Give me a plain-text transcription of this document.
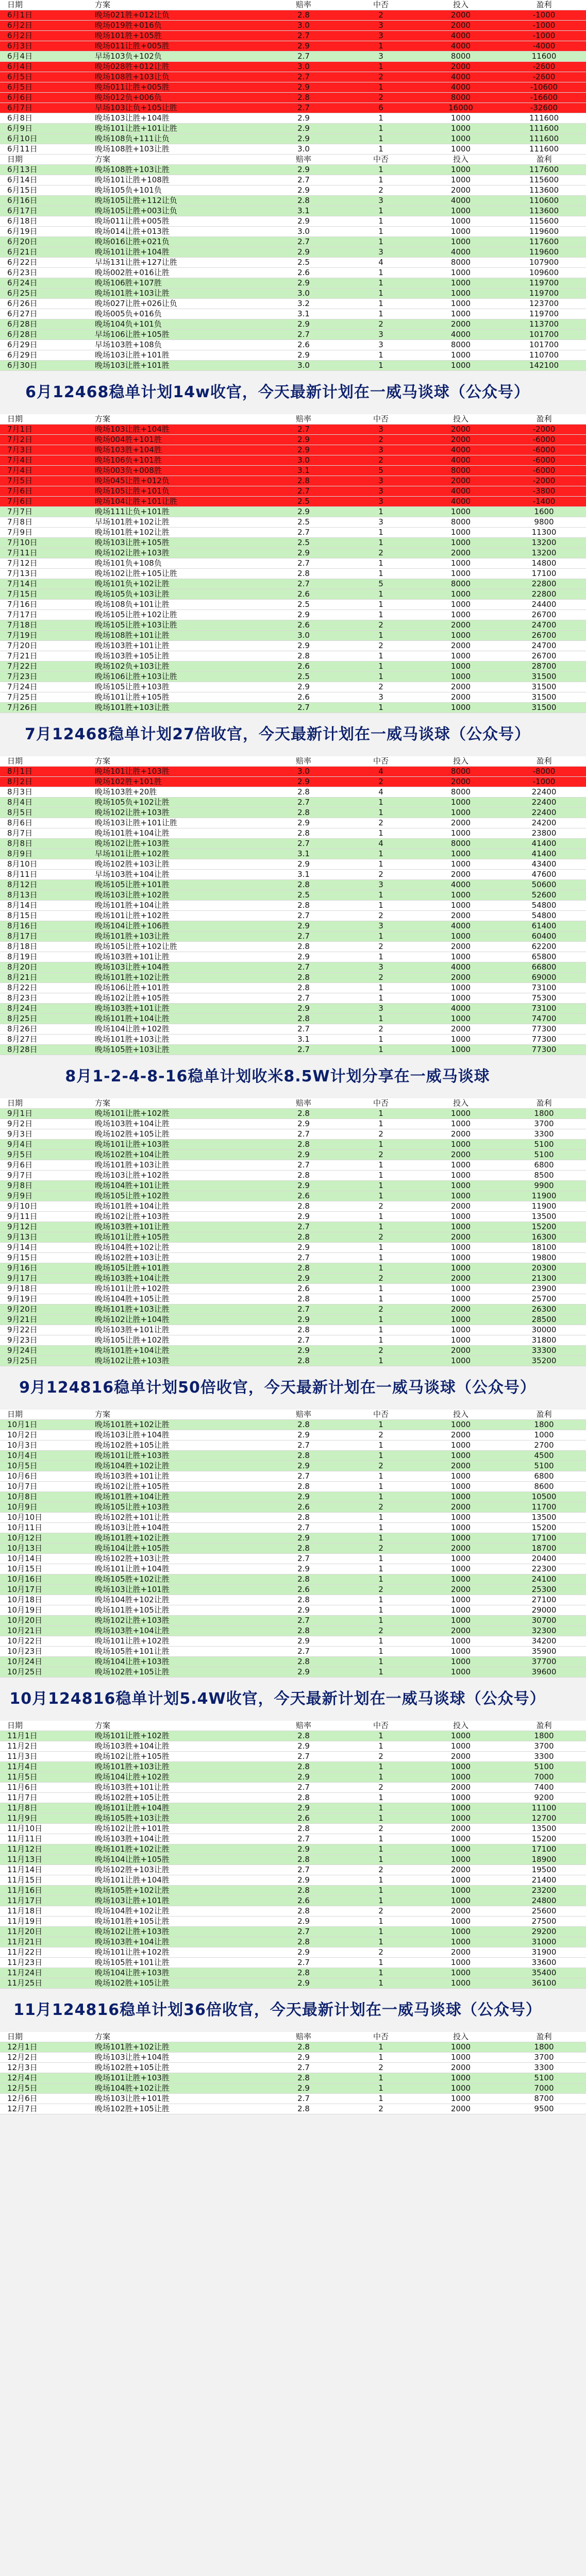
日期	方案	赔率	中否	投入	盈利
6月1日	晚场021胜+012让负	2.8	2	2000	-1000
6月2日	晚场019胜+016负	3.0	3	2000	-1000
6月2日	晚场101胜+105胜	2.7	3	4000	-1000
6月3日	晚场011让胜+005胜	2.9	1	4000	-4000
6月4日	早场103负+102负	2.7	3	8000	11600
6月4日	晚场028胜+012让胜	3.0	1	2000	-2600
6月5日	晚场108胜+103让负	2.7	2	4000	-2600
6月5日	晚场011让胜+005胜	2.9	1	4000	-10600
6月6日	晚场012负+006负	2.8	2	8000	-16600
6月7日	早场103让负+105让胜	2.7	6	16000	-32600
6月8日	晚场103让胜+104胜	2.9	1	1000	111600
6月9日	晚场101让胜+101让胜	2.9	1	1000	111600
6月10日	晚场108负+111让负	2.9	1	1000	111600
6月11日	晚场108胜+103让胜	3.0	1	1000	111600
日期	方案	赔率	中否	投入	盈利
6月13日	晚场108胜+103让胜	2.9	1	1000	117600
6月14日	晚场101让胜+108胜	2.7	1	1000	115600
6月15日	晚场105负+101负	2.9	2	2000	113600
6月16日	晚场105让胜+112让负	2.8	3	4000	110600
6月17日	晚场105让胜+003让负	3.1	1	1000	113600
6月18日	晚场011让胜+005胜	2.9	1	1000	115600
6月19日	晚场014让胜+013胜	3.0	1	1000	119600
6月20日	晚场016让胜+021负	2.7	1	1000	117600
6月21日	晚场101让胜+104胜	2.9	3	4000	119600
6月22日	早场131让胜+127让胜	2.5	4	8000	107900
6月23日	晚场002胜+016让胜	2.6	1	1000	109600
6月24日	晚场106胜+107胜	2.9	1	1000	119700
6月25日	晚场101胜+103让胜	3.0	1	1000	119700
6月26日	晚场027让胜+026让负	3.2	1	1000	123700
6月27日	晚场005负+016负	3.1	1	1000	119700
6月28日	晚场104负+101负	2.9	2	2000	113700
6月28日	早场106让胜+105胜	2.7	3	4000	101700
6月29日	早场103胜+108负	2.6	3	8000	101700
6月29日	晚场103让胜+101胜	2.9	1	1000	110700
6月30日	晚场103让胜+101胜	3.0	1	1000	142100
6月12468稳单计划14w收官，今天最新计划在一威马谈球（公众号）
日期	方案	赔率	中否	投入	盈利
7月1日	晚场103让胜+104胜	2.7	3	2000	-2000
7月2日	晚场004胜+101胜	2.9	2	2000	-6000
7月3日	晚场103胜+104胜	2.9	3	4000	-6000
7月4日	晚场106负+101胜	3.0	2	4000	-6000
7月4日	晚场003负+008胜	3.1	5	8000	-6000
7月5日	晚场045让胜+012负	2.8	3	2000	-2000
7月6日	晚场105让胜+101负	2.7	3	4000	-3800
7月6日	晚场104让胜+101让胜	2.5	3	4000	-1400
7月7日	晚场111让负+101胜	2.9	1	1000	1600
7月8日	早场101胜+102让胜	2.5	3	8000	9800
7月9日	晚场101胜+102让胜	2.7	1	1000	11300
7月10日	晚场103让胜+105胜	2.5	1	1000	13200
7月11日	晚场102让胜+103胜	2.9	2	2000	13200
7月12日	晚场101负+108负	2.7	1	1000	14800
7月13日	晚场102让胜+105让胜	2.8	1	1000	17100
7月14日	晚场101负+102让胜	2.7	5	8000	22800
7月15日	晚场105负+103让胜	2.6	1	1000	22800
7月16日	晚场108负+101让胜	2.5	1	1000	24400
7月17日	晚场105让胜+102让胜	2.9	1	1000	26700
7月18日	晚场105让胜+103让胜	2.6	2	2000	24700
7月19日	晚场108胜+101让胜	3.0	1	1000	26700
7月20日	晚场103胜+101让胜	2.9	2	2000	24700
7月21日	晚场103胜+105让胜	2.8	1	1000	26700
7月22日	晚场102负+103让胜	2.6	1	1000	28700
7月23日	晚场106让胜+103让胜	2.5	1	1000	31500
7月24日	晚场105让胜+103胜	2.9	2	2000	31500
7月25日	晚场101让胜+105胜	2.6	3	2000	31500
7月26日	晚场101胜+103让胜	2.7	1	1000	31500
7月12468稳单计划27倍收官，今天最新计划在一威马谈球（公众号）
日期	方案	赔率	中否	投入	盈利
8月1日	晚场101让胜+103胜	3.0	4	8000	-8000
8月2日	晚场102胜+101胜	2.9	2	2000	-1000
8月3日	晚场103胜+20胜	2.8	4	8000	22400
8月4日	晚场105负+102让胜	2.7	1	1000	22400
8月5日	晚场102让胜+103胜	2.8	1	1000	22400
8月6日	晚场103让胜+101让胜	2.9	2	2000	24200
8月7日	晚场101胜+104让胜	2.8	1	1000	23800
8月8日	晚场102让胜+103胜	2.7	4	8000	41400
8月9日	早场101让胜+102胜	3.1	1	1000	41400
8月10日	晚场102胜+103让胜	2.9	1	1000	43400
8月11日	早场103胜+104让胜	3.1	2	2000	47600
8月12日	晚场105让胜+101胜	2.8	3	4000	50600
8月13日	晚场103让胜+102胜	2.5	1	1000	52600
8月14日	晚场101胜+104让胜	2.8	1	1000	54800
8月15日	晚场101让胜+102胜	2.7	2	2000	54800
8月16日	晚场104让胜+106胜	2.9	3	4000	61400
8月17日	晚场101胜+103让胜	2.7	1	1000	60400
8月18日	晚场105让胜+102让胜	2.8	2	2000	62200
8月19日	晚场103胜+101让胜	2.9	1	1000	65800
8月20日	晚场103让胜+104胜	2.7	3	4000	66800
8月21日	晚场101胜+102让胜	2.8	2	2000	69000
8月22日	晚场106让胜+101胜	2.8	1	1000	73100
8月23日	晚场102让胜+105胜	2.7	1	1000	75300
8月24日	晚场103胜+101让胜	2.9	3	4000	73100
8月25日	晚场101胜+104让胜	2.8	1	1000	74700
8月26日	晚场104让胜+102胜	2.7	2	2000	77300
8月27日	晚场101胜+103让胜	3.1	1	1000	77300
8月28日	晚场105胜+103让胜	2.7	1	1000	77300
8月1-2-4-8-16稳单计划收米8.5W计划分享在一威马谈球
日期	方案	赔率	中否	投入	盈利
9月1日	晚场101让胜+102胜	2.8	1	1000	1800
9月2日	晚场103胜+104让胜	2.9	1	1000	3700
9月3日	晚场102胜+105让胜	2.7	2	2000	3300
9月4日	晚场101让胜+103胜	2.8	1	1000	5100
9月5日	晚场102胜+104让胜	2.9	2	2000	5100
9月6日	晚场101胜+103让胜	2.7	1	1000	6800
9月7日	晚场103让胜+102胜	2.8	1	1000	8500
9月8日	晚场104胜+101让胜	2.9	1	1000	9900
9月9日	晚场105让胜+102胜	2.6	1	1000	11900
9月10日	晚场101胜+104让胜	2.8	2	2000	11900
9月11日	晚场102让胜+103胜	2.9	1	1000	13500
9月12日	晚场103胜+101让胜	2.7	1	1000	15200
9月13日	晚场101让胜+105胜	2.8	2	2000	16300
9月14日	晚场104胜+102让胜	2.9	1	1000	18100
9月15日	晚场102胜+103让胜	2.7	1	1000	19800
9月16日	晚场105让胜+101胜	2.8	1	1000	20300
9月17日	晚场103胜+104让胜	2.9	2	2000	21300
9月18日	晚场101让胜+102胜	2.6	1	1000	23900
9月19日	晚场104胜+105让胜	2.8	1	1000	25700
9月20日	晚场101胜+103让胜	2.7	2	2000	26300
9月21日	晚场102让胜+104胜	2.9	1	1000	28500
9月22日	晚场103胜+101让胜	2.8	1	1000	30000
9月23日	晚场105让胜+102胜	2.7	1	1000	31800
9月24日	晚场101胜+104让胜	2.9	2	2000	33300
9月25日	晚场102让胜+103胜	2.8	1	1000	35200
9月124816稳单计划50倍收官，今天最新计划在一威马谈球（公众号）
日期	方案	赔率	中否	投入	盈利
10月1日	晚场101胜+102让胜	2.8	1	1000	1800
10月2日	晚场103让胜+104胜	2.9	2	2000	1000
10月3日	晚场102胜+105让胜	2.7	1	1000	2700
10月4日	晚场101让胜+103胜	2.8	1	1000	4500
10月5日	晚场104胜+102让胜	2.9	2	2000	5100
10月6日	晚场103胜+101让胜	2.7	1	1000	6800
10月7日	晚场102让胜+105胜	2.8	1	1000	8600
10月8日	晚场101胜+104让胜	2.9	1	1000	10500
10月9日	晚场105让胜+103胜	2.6	2	2000	11700
10月10日	晚场102胜+101让胜	2.8	1	1000	13500
10月11日	晚场103让胜+104胜	2.7	1	1000	15200
10月12日	晚场101胜+102让胜	2.9	1	1000	17100
10月13日	晚场104让胜+105胜	2.8	2	2000	18700
10月14日	晚场102胜+103让胜	2.7	1	1000	20400
10月15日	晚场101让胜+104胜	2.9	1	1000	22300
10月16日	晚场105胜+102让胜	2.8	1	1000	24100
10月17日	晚场103让胜+101胜	2.6	2	2000	25300
10月18日	晚场104胜+102让胜	2.8	1	1000	27100
10月19日	晚场101胜+105让胜	2.9	1	1000	29000
10月20日	晚场102让胜+103胜	2.7	1	1000	30700
10月21日	晚场103胜+104让胜	2.8	2	2000	32300
10月22日	晚场101让胜+102胜	2.9	1	1000	34200
10月23日	晚场105胜+101让胜	2.7	1	1000	35900
10月24日	晚场104让胜+103胜	2.8	1	1000	37700
10月25日	晚场102胜+105让胜	2.9	1	1000	39600
10月124816稳单计划5.4W收官，今天最新计划在一威马谈球（公众号）
日期	方案	赔率	中否	投入	盈利
11月1日	晚场101让胜+102胜	2.8	1	1000	1800
11月2日	晚场103胜+104让胜	2.9	1	1000	3700
11月3日	晚场102让胜+105胜	2.7	2	2000	3300
11月4日	晚场101胜+103让胜	2.8	1	1000	5100
11月5日	晚场104让胜+102胜	2.9	1	1000	7000
11月6日	晚场103胜+101让胜	2.7	2	2000	7400
11月7日	晚场102胜+105让胜	2.8	1	1000	9200
11月8日	晚场101让胜+104胜	2.9	1	1000	11100
11月9日	晚场105胜+103让胜	2.6	1	1000	12700
11月10日	晚场102让胜+101胜	2.8	2	2000	13500
11月11日	晚场103胜+104让胜	2.7	1	1000	15200
11月12日	晚场101胜+102让胜	2.9	1	1000	17100
11月13日	晚场104让胜+105胜	2.8	1	1000	18900
11月14日	晚场102胜+103让胜	2.7	2	2000	19500
11月15日	晚场101让胜+104胜	2.9	1	1000	21400
11月16日	晚场105胜+102让胜	2.8	1	1000	23200
11月17日	晚场103让胜+101胜	2.6	1	1000	24800
11月18日	晚场104胜+102让胜	2.8	2	2000	25600
11月19日	晚场101胜+105让胜	2.9	1	1000	27500
11月20日	晚场102让胜+103胜	2.7	1	1000	29200
11月21日	晚场103胜+104让胜	2.8	1	1000	31000
11月22日	晚场101让胜+102胜	2.9	2	2000	31900
11月23日	晚场105胜+101让胜	2.7	1	1000	33600
11月24日	晚场104让胜+103胜	2.8	1	1000	35400
11月25日	晚场102胜+105让胜	2.9	1	1000	36100
11月124816稳单计划36倍收官，今天最新计划在一威马谈球（公众号）
日期	方案	赔率	中否	投入	盈利
12月1日	晚场101胜+102让胜	2.8	1	1000	1800
12月2日	晚场103让胜+104胜	2.9	1	1000	3700
12月3日	晚场102胜+105让胜	2.7	2	2000	3300
12月4日	晚场101让胜+103胜	2.8	1	1000	5100
12月5日	晚场104胜+102让胜	2.9	1	1000	7000
12月6日	晚场103让胜+101胜	2.7	1	1000	8700
12月7日	晚场102胜+105让胜	2.8	2	2000	9500
